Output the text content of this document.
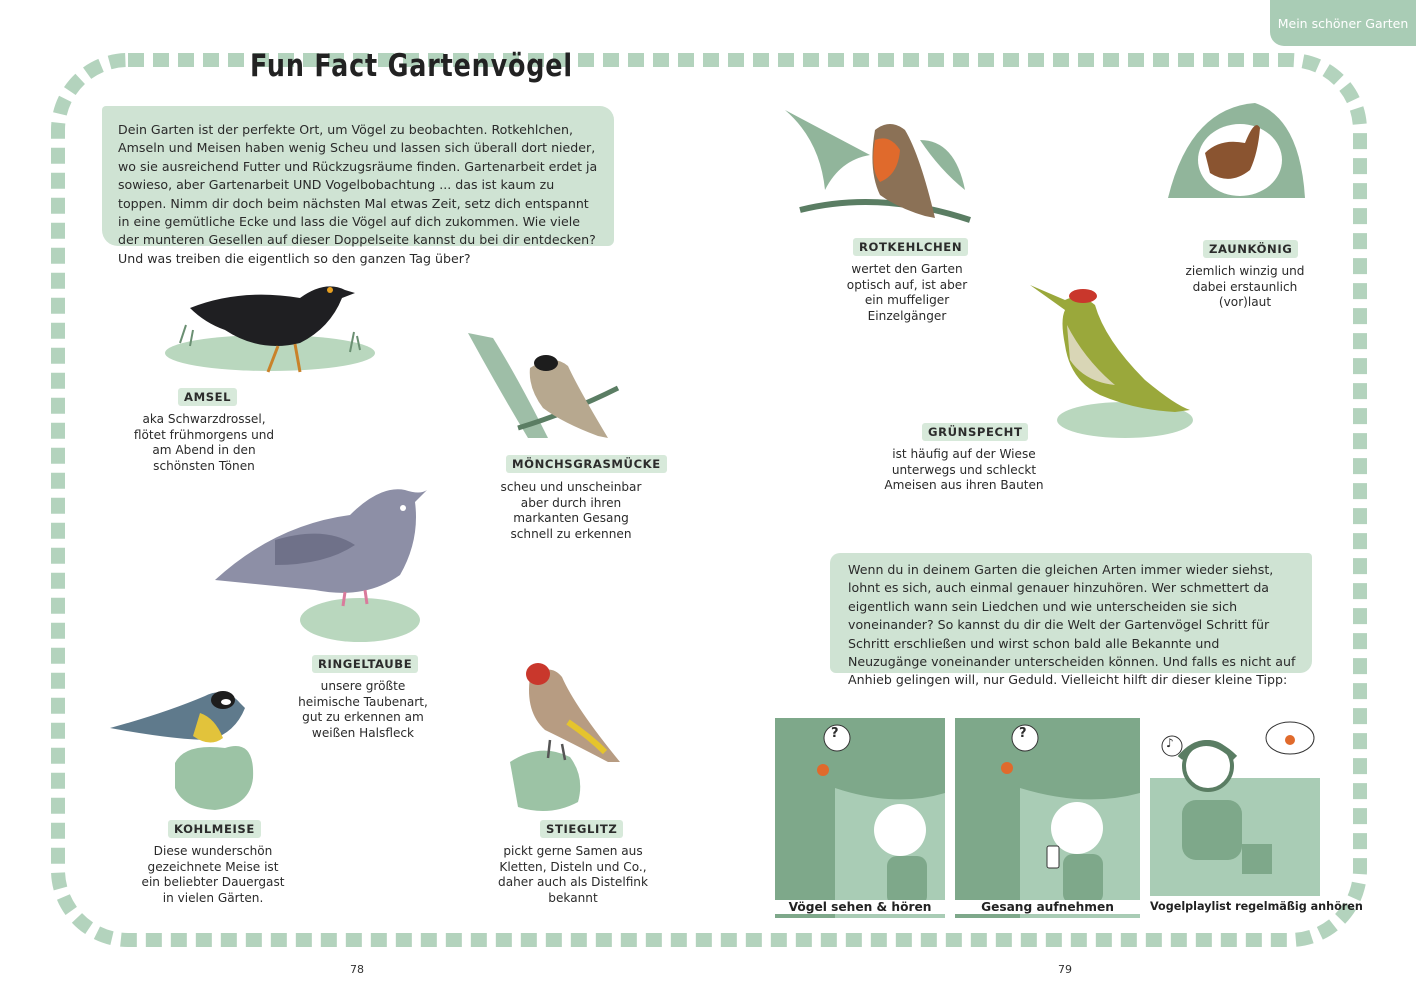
Mein schöner Garten
Fun Fact Gartenvögel
Dein Garten ist der perfekte Ort, um Vögel zu beobachten. Rotkehlchen, Amseln und Meisen haben wenig Scheu und lassen sich überall dort nieder, wo sie ausreichend Futter und Rückzugsräume finden. Gartenarbeit erdet ja sowieso, aber Gartenarbeit UND Vogelbobachtung ... das ist kaum zu toppen. Nimm dir doch beim nächsten Mal etwas Zeit, setz dich entspannt in eine gemütliche Ecke und lass die Vögel auf dich zukommen. Wie viele der munteren Gesellen auf dieser Doppelseite kannst du bei dir entdecken? Und was treiben die eigentlich so den ganzen Tag über?
AMSEL
aka Schwarzdrossel, flötet frühmorgens und am Abend in den schönsten Tönen	MÖNCHSGRASMÜCKE
scheu und unscheinbar aber durch ihren markanten Gesang schnell zu erkennen
RINGELTAUBE
unsere größte heimische Taubenart, gut zu erkennen am weißen Halsfleck
KOHLMEISE
Diese wunderschön gezeichnete Meise ist ein beliebter Dauergast in vielen Gärten.
STIEGLITZ
pickt gerne Samen aus Kletten, Disteln und Co., daher auch als Distelfink bekannt
ROTKEHLCHEN
wertet den Garten optisch auf, ist aber ein muffeliger Einzelgänger
ZAUNKÖNIG
ziemlich winzig und dabei erstaunlich (vor)laut
GRÜNSPECHT
ist häufig auf der Wiese unterwegs und schleckt Ameisen aus ihren Bauten
Wenn du in deinem Garten die gleichen Arten immer wieder siehst, lohnt es sich, auch einmal genauer hinzuhören. Wer schmettert da eigentlich wann sein Liedchen und wie unterscheiden sie sich voneinander? So kannst du dir die Welt der Gartenvögel Schritt für Schritt erschließen und wirst schon bald alle Bekannte und Neuzugänge voneinander unterscheiden können. Und falls es nicht auf Anhieb gelingen will, nur Geduld. Vielleicht hilft dir dieser kleine Tipp:
?
Vögel sehen & hören
?
Gesang aufnehmen
♪
Vogelplaylist regelmäßig anhören
78	79
